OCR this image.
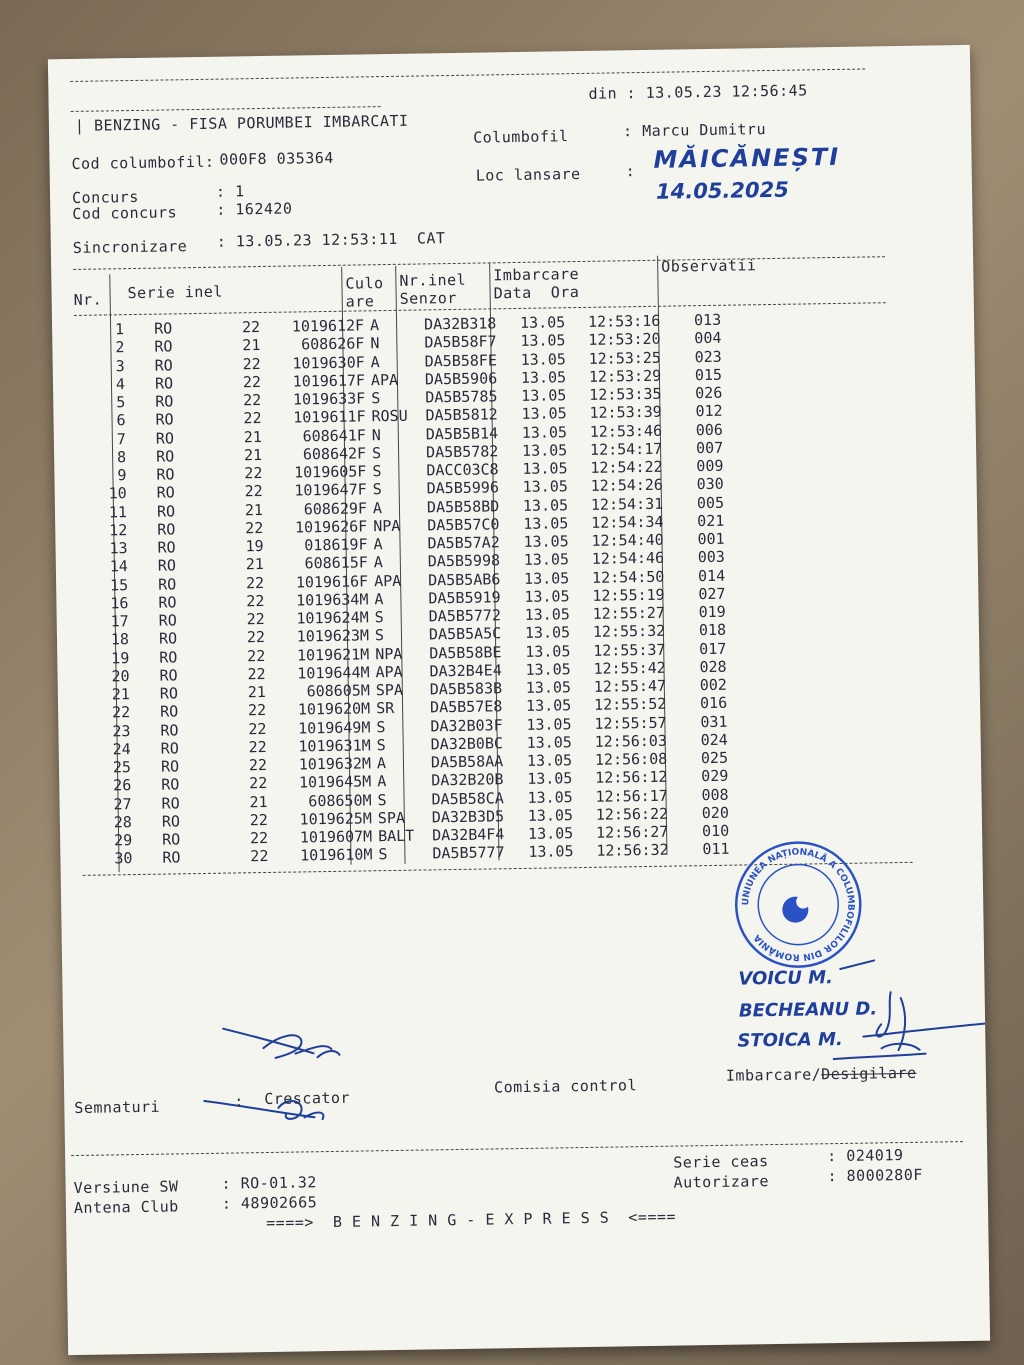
din : 13.05.23 12:56:45
| BENZING - FISA PORUMBEI IMBARCATI
Columbofil	: Marcu Dumitru
Cod columbofil: 000F8 035364
Loc lansare	: MĂICĂNEȘTI
14.05.2025
Concurs	: 1
Cod concurs	: 162420
Sincronizare : 13.05.23 12:53:11  CAT
Nr. Serie inel	Culo
are
Nr.inel
Senzor
Imbarcare
Data  Ora
Observatii
1 RO	22	1019612F A	DA32B318 13.05 12:53:16 013
2 RO	21	608626F N	DA5B58F7 13.05 12:53:20 004
3 RO	22	1019630F A	DA5B58FE 13.05 12:53:25 023
4 RO	22	1019617F APA DA5B5906 13.05 12:53:29 015
5 RO	22	1019633F S	DA5B5785 13.05 12:53:35 026
6 RO	22	1019611F ROSU DA5B5812 13.05 12:53:39 012
7 RO	21	608641F N	DA5B5B14 13.05 12:53:46 006
8 RO	21	608642F S	DA5B5782 13.05 12:54:17 007
9 RO	22	1019605F S	DACC03C8 13.05 12:54:22 009
10 RO	22	1019647F S	DA5B5996 13.05 12:54:26 030
11 RO	21	608629F A	DA5B58BD 13.05 12:54:31 005
12 RO	22	1019626F NPA DA5B57C0 13.05 12:54:34 021
13 RO	19	018619F A	DA5B57A2 13.05 12:54:40 001
14 RO	21	608615F A	DA5B5998 13.05 12:54:46 003
15 RO	22	1019616F APA DA5B5AB6 13.05 12:54:50 014
16 RO	22	1019634M A	DA5B5919 13.05 12:55:19 027
17 RO	22	1019624M S	DA5B5772 13.05 12:55:27 019
18 RO	22	1019623M S	DA5B5A5C 13.05 12:55:32 018
19 RO	22	1019621M NPA DA5B58BE 13.05 12:55:37 017
20 RO	22	1019644M APA DA32B4E4 13.05 12:55:42 028
21 RO	21	608605M SPA DA5B583B 13.05 12:55:47 002
22 RO	22	1019620M SR DA5B57E8 13.05 12:55:52 016
23 RO	22	1019649M S	DA32B03F 13.05 12:55:57 031
24 RO	22	1019631M S	DA32B0BC 13.05 12:56:03 024
25 RO	22	1019632M A	DA5B58AA 13.05 12:56:08 025
26 RO	22	1019645M A	DA32B20B 13.05 12:56:12 029
27 RO	21	608650M S	DA5B58CA 13.05 12:56:17 008
28 RO	22	1019625M SPA DA32B3D5 13.05 12:56:22 020
29 RO	22	1019607M BALT DA32B4F4 13.05 12:56:27 010
30 RO	22	1019610M S	DA5B5777 13.05 12:56:32 011
UNIUNEA NAȚIONALĂ A COLUMBOFILILOR DIN ROMÂNIA
VOICU M.
BECHEANU D.
STOICA M.
Semnaturi	: Crescator
Comisia control
Imbarcare/Desigilare
Versiune SW	: RO-01.32
Antena Club	: 48902665
Serie ceas	: 024019
Autorizare	: 8000280F
====>  B E N Z I N G - E X P R E S S  <====
